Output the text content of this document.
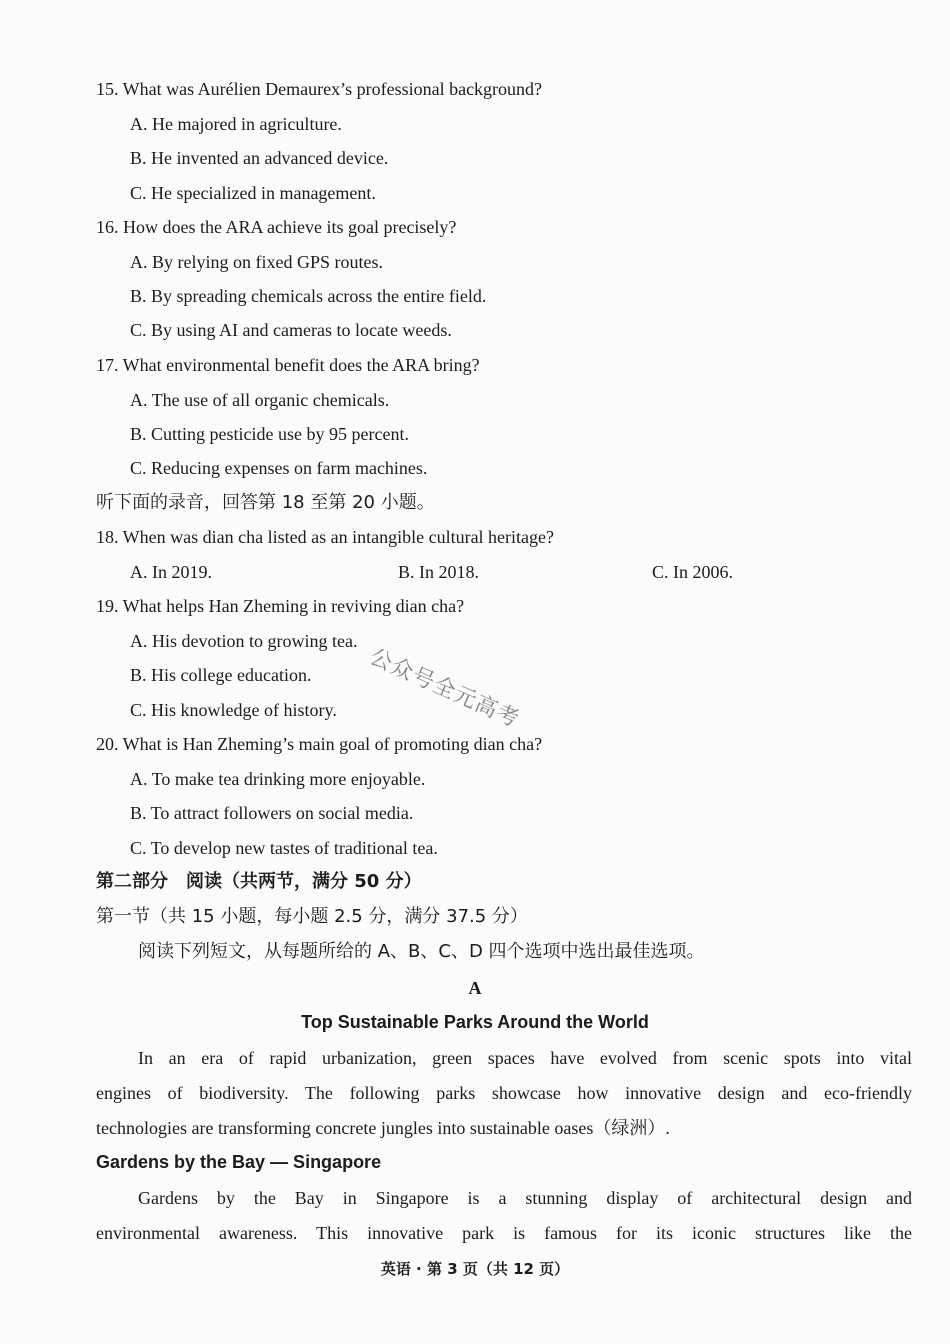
15. What was Aurélien Demaurex’s professional background?
A. He majored in agriculture.
B. He invented an advanced device.
C. He specialized in management.
16. How does the ARA achieve its goal precisely?
A. By relying on fixed GPS routes.
B. By spreading chemicals across the entire field.
C. By using AI and cameras to locate weeds.
17. What environmental benefit does the ARA bring?
A. The use of all organic chemicals.
B. Cutting pesticide use by 95 percent.
C. Reducing expenses on farm machines.
听下面的录音，回答第 18 至第 20 小题。
18. When was dian cha listed as an intangible cultural heritage?
A. In 2019.	B. In 2018.	C. In 2006.
19. What helps Han Zheming in reviving dian cha?
A. His devotion to growing tea.
B. His college education.
C. His knowledge of history.
20. What is Han Zheming’s main goal of promoting dian cha?
A. To make tea drinking more enjoyable.
B. To attract followers on social media.
C. To develop new tastes of traditional tea.
第二部分　阅读（共两节，满分 50 分）
第一节（共 15 小题，每小题 2.5 分，满分 37.5 分）
阅读下列短文，从每题所给的 A、B、C、D 四个选项中选出最佳选项。
A
Top Sustainable Parks Around the World
In an era of rapid urbanization, green spaces have evolved from scenic spots into vital
engines of biodiversity. The following parks showcase how innovative design and eco-friendly
technologies are transforming concrete jungles into sustainable oases（绿洲）.
Gardens by the Bay — Singapore
Gardens by the Bay in Singapore is a stunning display of architectural design and
environmental awareness. This innovative park is famous for its iconic structures like the
公众号全元高考
英语 · 第 3 页（共 12 页）
